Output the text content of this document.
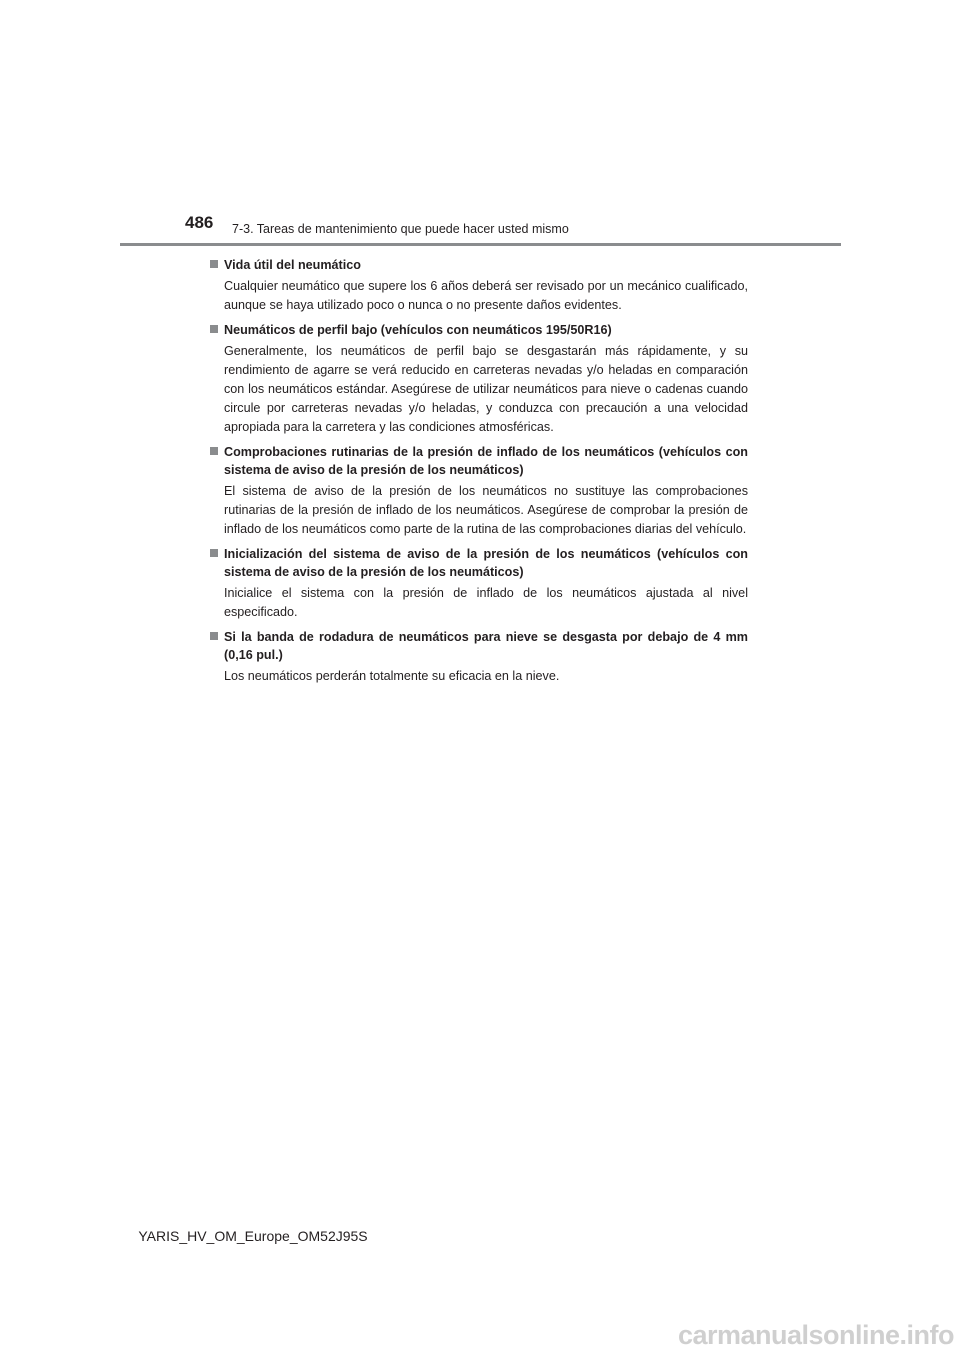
486 7-3. Tareas de mantenimiento que puede hacer usted mismo
Vida útil del neumático
Cualquier neumático que supere los 6 años deberá ser revisado por un mecánico cualificado, aunque se haya utilizado poco o nunca o no presente daños evidentes.
Neumáticos de perfil bajo (vehículos con neumáticos 195/50R16)
Generalmente, los neumáticos de perfil bajo se desgastarán más rápidamente, y su rendimiento de agarre se verá reducido en carreteras nevadas y/o heladas en comparación con los neumáticos estándar. Asegúrese de utilizar neumáticos para nieve o cadenas cuando circule por carreteras nevadas y/o heladas, y conduzca con precaución a una velocidad apropiada para la carretera y las condiciones atmosféricas.
Comprobaciones rutinarias de la presión de inflado de los neumáticos (vehículos con sistema de aviso de la presión de los neumáticos)
El sistema de aviso de la presión de los neumáticos no sustituye las comprobaciones rutinarias de la presión de inflado de los neumáticos. Asegúrese de comprobar la presión de inflado de los neumáticos como parte de la rutina de las comprobaciones diarias del vehículo.
Inicialización del sistema de aviso de la presión de los neumáticos (vehículos con sistema de aviso de la presión de los neumáticos)
Inicialice el sistema con la presión de inflado de los neumáticos ajustada al nivel especificado.
Si la banda de rodadura de neumáticos para nieve se desgasta por debajo de 4 mm (0,16 pul.)
Los neumáticos perderán totalmente su eficacia en la nieve.
YARIS_HV_OM_Europe_OM52J95S
carmanualsonline.info
